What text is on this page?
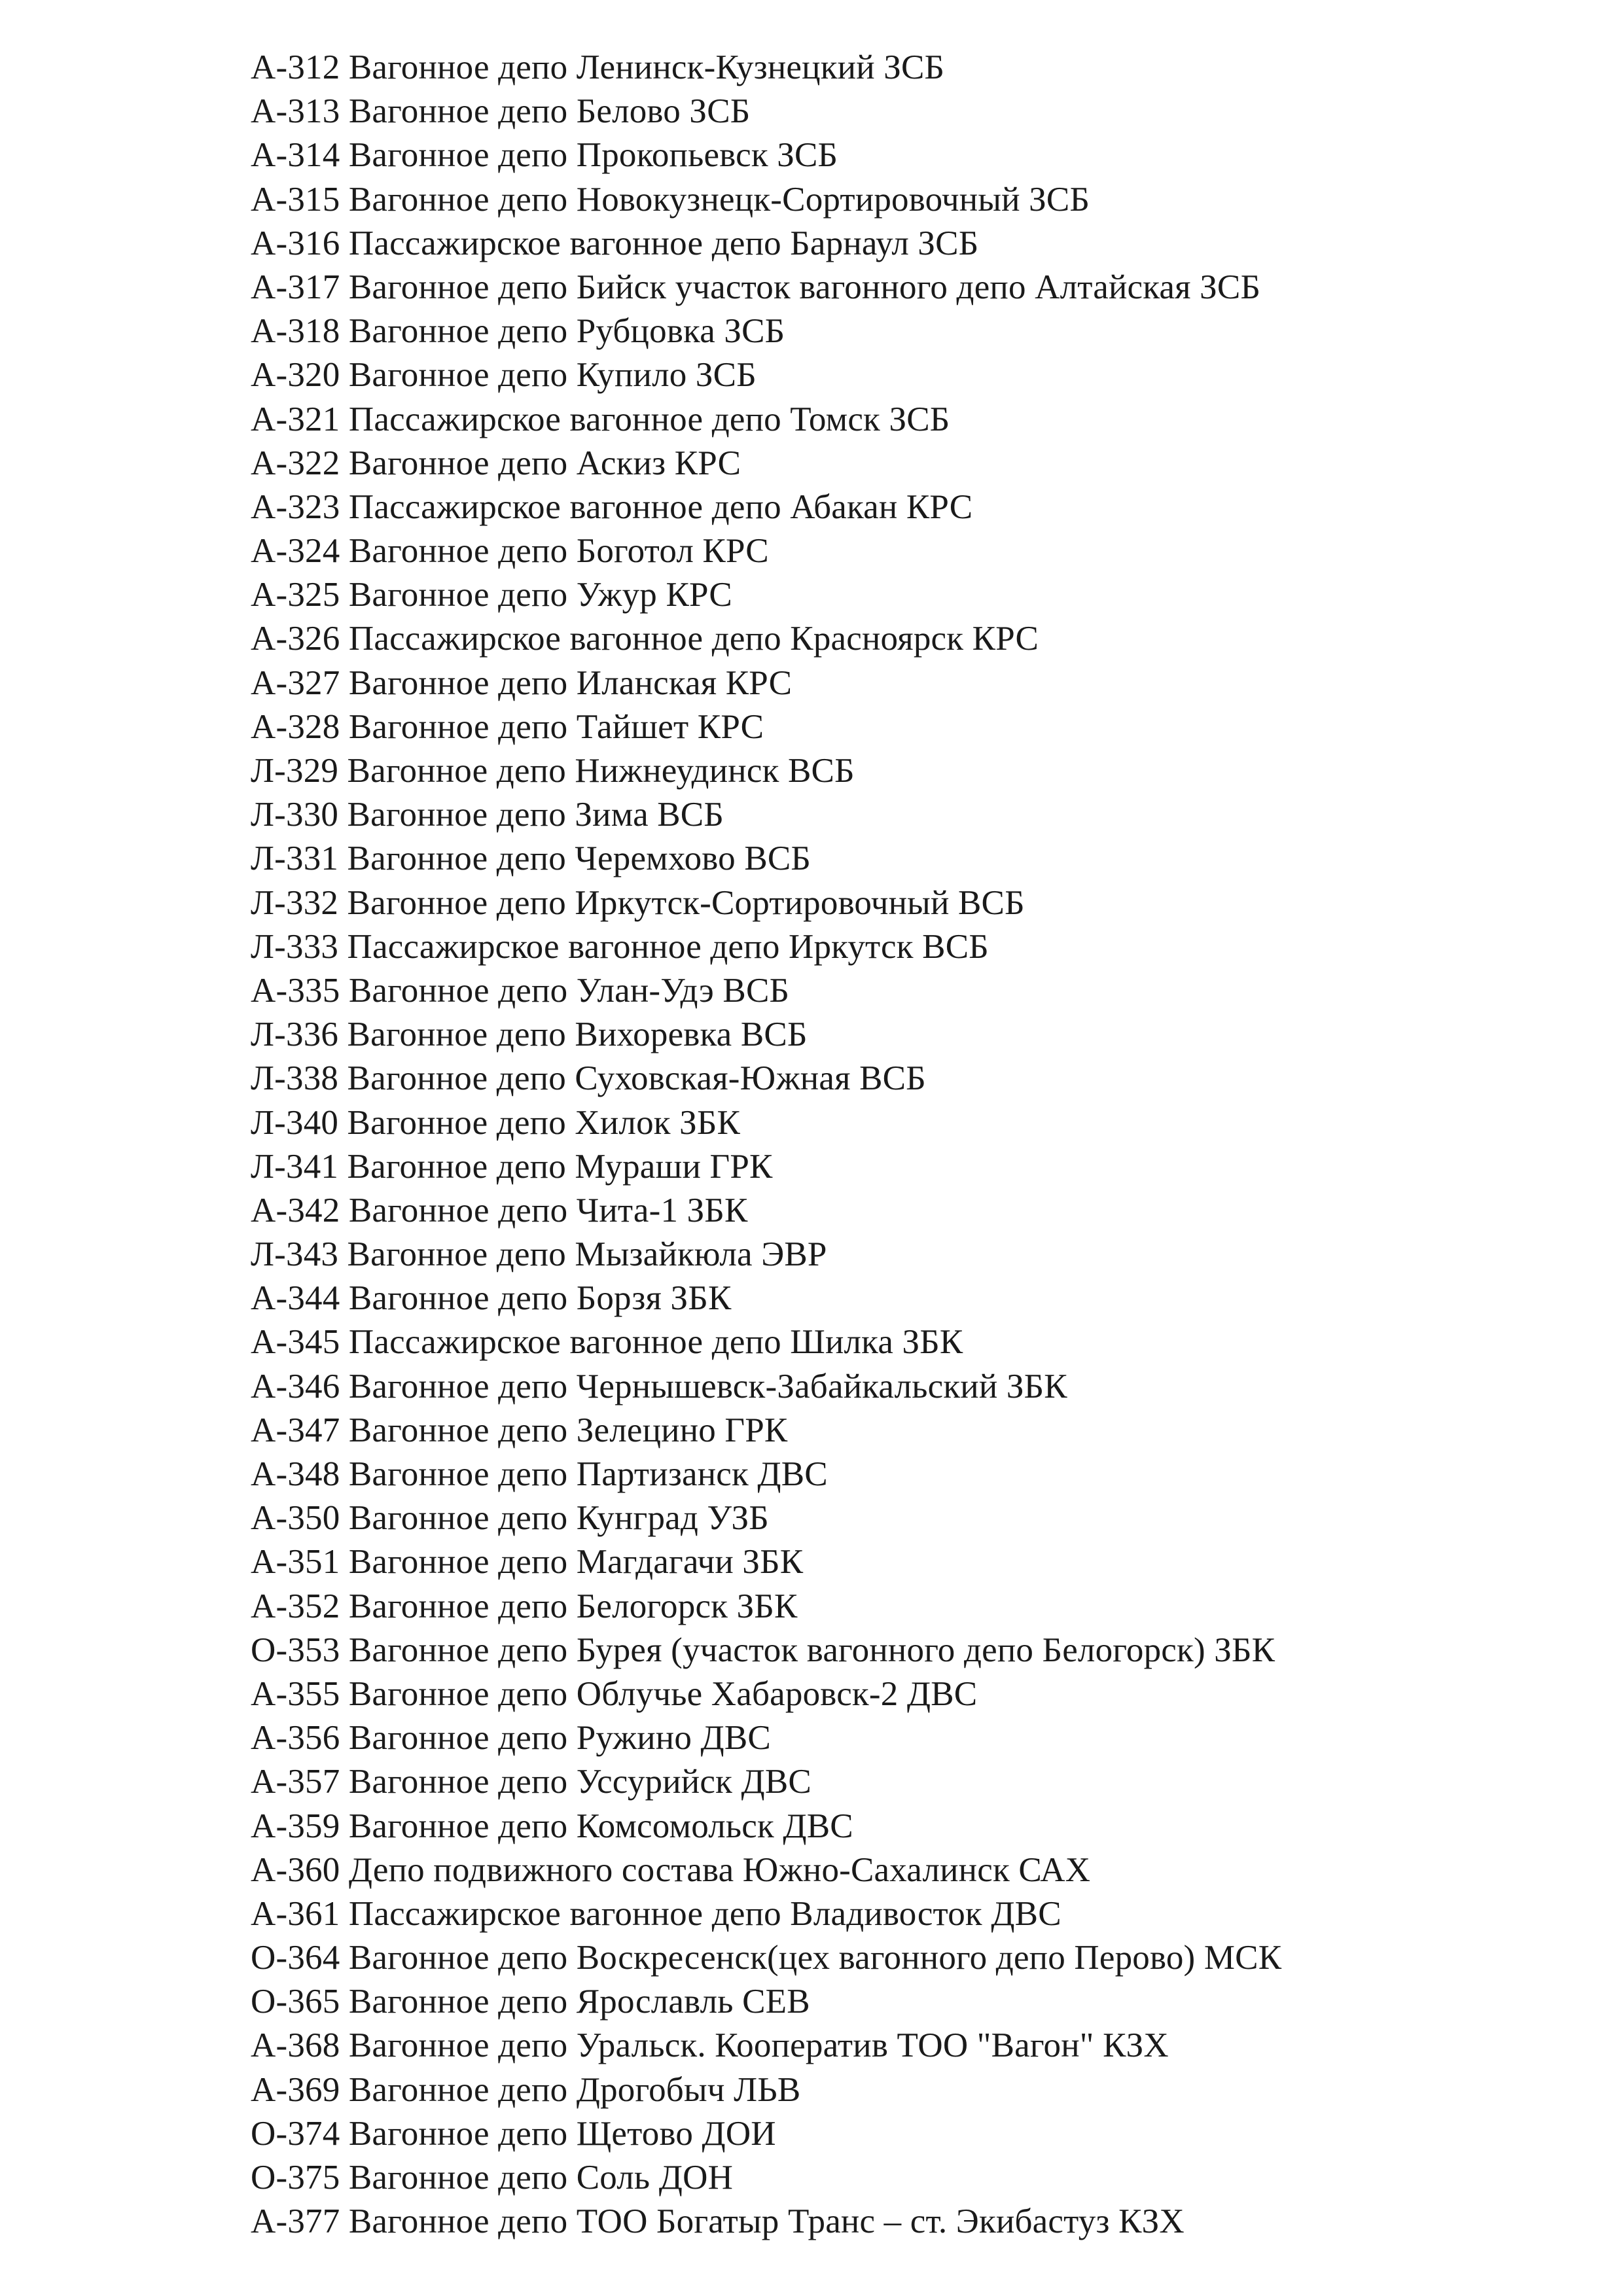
А-312 Вагонное депо Ленинск-Кузнецкий ЗСБ
А-313 Вагонное депо Белово ЗСБ
А-314 Вагонное депо Прокопьевск ЗСБ
А-315 Вагонное депо Новокузнецк-Сортировочный ЗСБ
А-316 Пассажирское вагонное депо Барнаул ЗСБ
А-317 Вагонное депо Бийск участок вагонного депо Алтайская ЗСБ
А-318 Вагонное депо Рубцовка ЗСБ
А-320 Вагонное депо Купило ЗСБ
А-321 Пассажирское вагонное депо Томск ЗСБ
А-322 Вагонное депо Аскиз КРС
А-323 Пассажирское вагонное депо Абакан КРС
А-324 Вагонное депо Боготол КРС
А-325 Вагонное депо Ужур КРС
А-326 Пассажирское вагонное депо Красноярск КРС
А-327 Вагонное депо Иланская КРС
А-328 Вагонное депо Тайшет КРС
Л-329 Вагонное депо Нижнеудинск ВСБ
Л-330 Вагонное депо Зима ВСБ
Л-331 Вагонное депо Черемхово ВСБ
Л-332 Вагонное депо Иркутск-Сортировочный ВСБ
Л-333 Пассажирское вагонное депо Иркутск ВСБ
А-335 Вагонное депо Улан-Удэ ВСБ
Л-336 Вагонное депо Вихоревка ВСБ
Л-338 Вагонное депо Суховская-Южная ВСБ
Л-340 Вагонное депо Хилок ЗБК
Л-341 Вагонное депо Мураши ГРК
А-342 Вагонное депо Чита-1 ЗБК
Л-343 Вагонное депо Мызайкюла ЭВР
А-344 Вагонное депо Борзя ЗБК
А-345 Пассажирское вагонное депо Шилка ЗБК
А-346 Вагонное депо Чернышевск-Забайкальский ЗБК
А-347 Вагонное депо Зелецино ГРК
А-348 Вагонное депо Партизанск ДВС
А-350 Вагонное депо Кунград УЗБ
А-351 Вагонное депо Магдагачи ЗБК
А-352 Вагонное депо Белогорск ЗБК
О-353 Вагонное депо Бурея (участок вагонного депо Белогорск) ЗБК
А-355 Вагонное депо Облучье Хабаровск-2 ДВС
А-356 Вагонное депо Ружино ДВС
А-357 Вагонное депо Уссурийск ДВС
А-359 Вагонное депо Комсомольск ДВС
А-360 Депо подвижного состава Южно-Сахалинск САХ
А-361 Пассажирское вагонное депо Владивосток ДВС
О-364 Вагонное депо Воскресенск(цех вагонного депо Перово) МСК
О-365 Вагонное депо Ярославль СЕВ
А-368 Вагонное депо Уральск. Кооператив ТОО "Вагон" КЗХ
А-369 Вагонное депо Дрогобыч ЛЬВ
О-374 Вагонное депо Щетово ДОИ
О-375 Вагонное депо Соль ДОН
А-377 Вагонное депо ТОО Богатыр Транс – ст. Экибастуз КЗХ
